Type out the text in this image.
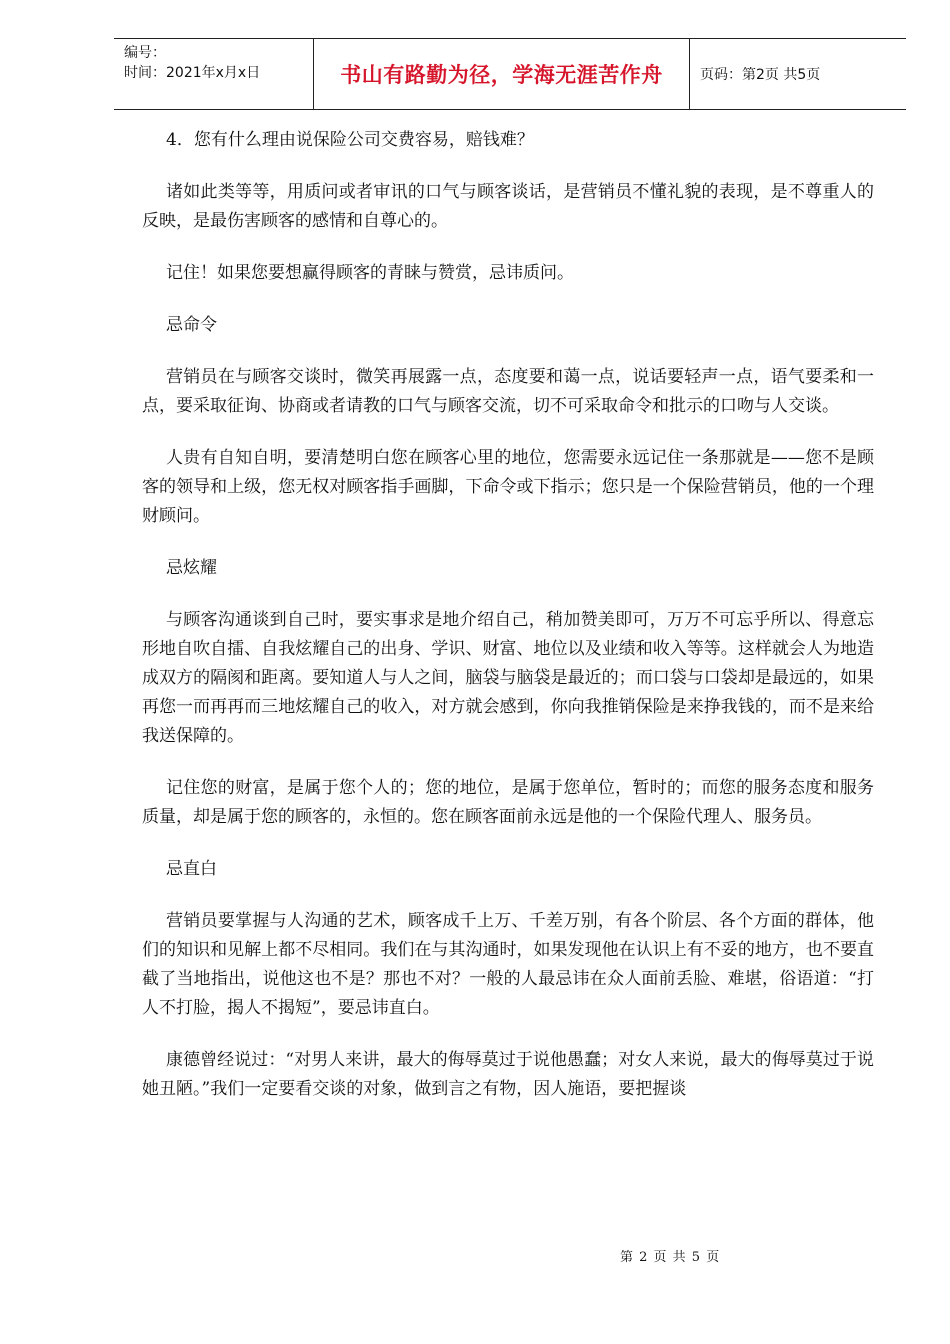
编号：
时间：2021年x月x日	书山有路勤为径，学海无涯苦作舟	页码：第2页 共5页

4．您有什么理由说保险公司交费容易，赔钱难？

诸如此类等等，用质问或者审讯的口气与顾客谈话，是营销员不懂礼貌的表现，是不尊重人的反映，是最伤害顾客的感情和自尊心的。

记住！如果您要想赢得顾客的青睐与赞赏，忌讳质问。

忌命令

营销员在与顾客交谈时，微笑再展露一点，态度要和蔼一点，说话要轻声一点，语气要柔和一点，要采取征询、协商或者请教的口气与顾客交流，切不可采取命令和批示的口吻与人交谈。

人贵有自知自明，要清楚明白您在顾客心里的地位，您需要永远记住一条那就是——您不是顾客的领导和上级，您无权对顾客指手画脚，下命令或下指示；您只是一个保险营销员，他的一个理财顾问。

忌炫耀

与顾客沟通谈到自己时，要实事求是地介绍自己，稍加赞美即可，万万不可忘乎所以、得意忘形地自吹自擂、自我炫耀自己的出身、学识、财富、地位以及业绩和收入等等。这样就会人为地造成双方的隔阂和距离。要知道人与人之间，脑袋与脑袋是最近的；而口袋与口袋却是最远的，如果再您一而再再而三地炫耀自己的收入，对方就会感到，你向我推销保险是来挣我钱的，而不是来给我送保障的。

记住您的财富，是属于您个人的；您的地位，是属于您单位，暂时的；而您的服务态度和服务质量，却是属于您的顾客的，永恒的。您在顾客面前永远是他的一个保险代理人、服务员。

忌直白

营销员要掌握与人沟通的艺术，顾客成千上万、千差万别，有各个阶层、各个方面的群体，他们的知识和见解上都不尽相同。我们在与其沟通时，如果发现他在认识上有不妥的地方，也不要直截了当地指出，说他这也不是？那也不对？一般的人最忌讳在众人面前丢脸、难堪，俗语道：“打人不打脸，揭人不揭短”，要忌讳直白。

康德曾经说过：“对男人来讲，最大的侮辱莫过于说他愚蠢；对女人来说，最大的侮辱莫过于说她丑陋。”我们一定要看交谈的对象，做到言之有物，因人施语，要把握谈

第 2 页 共 5 页
